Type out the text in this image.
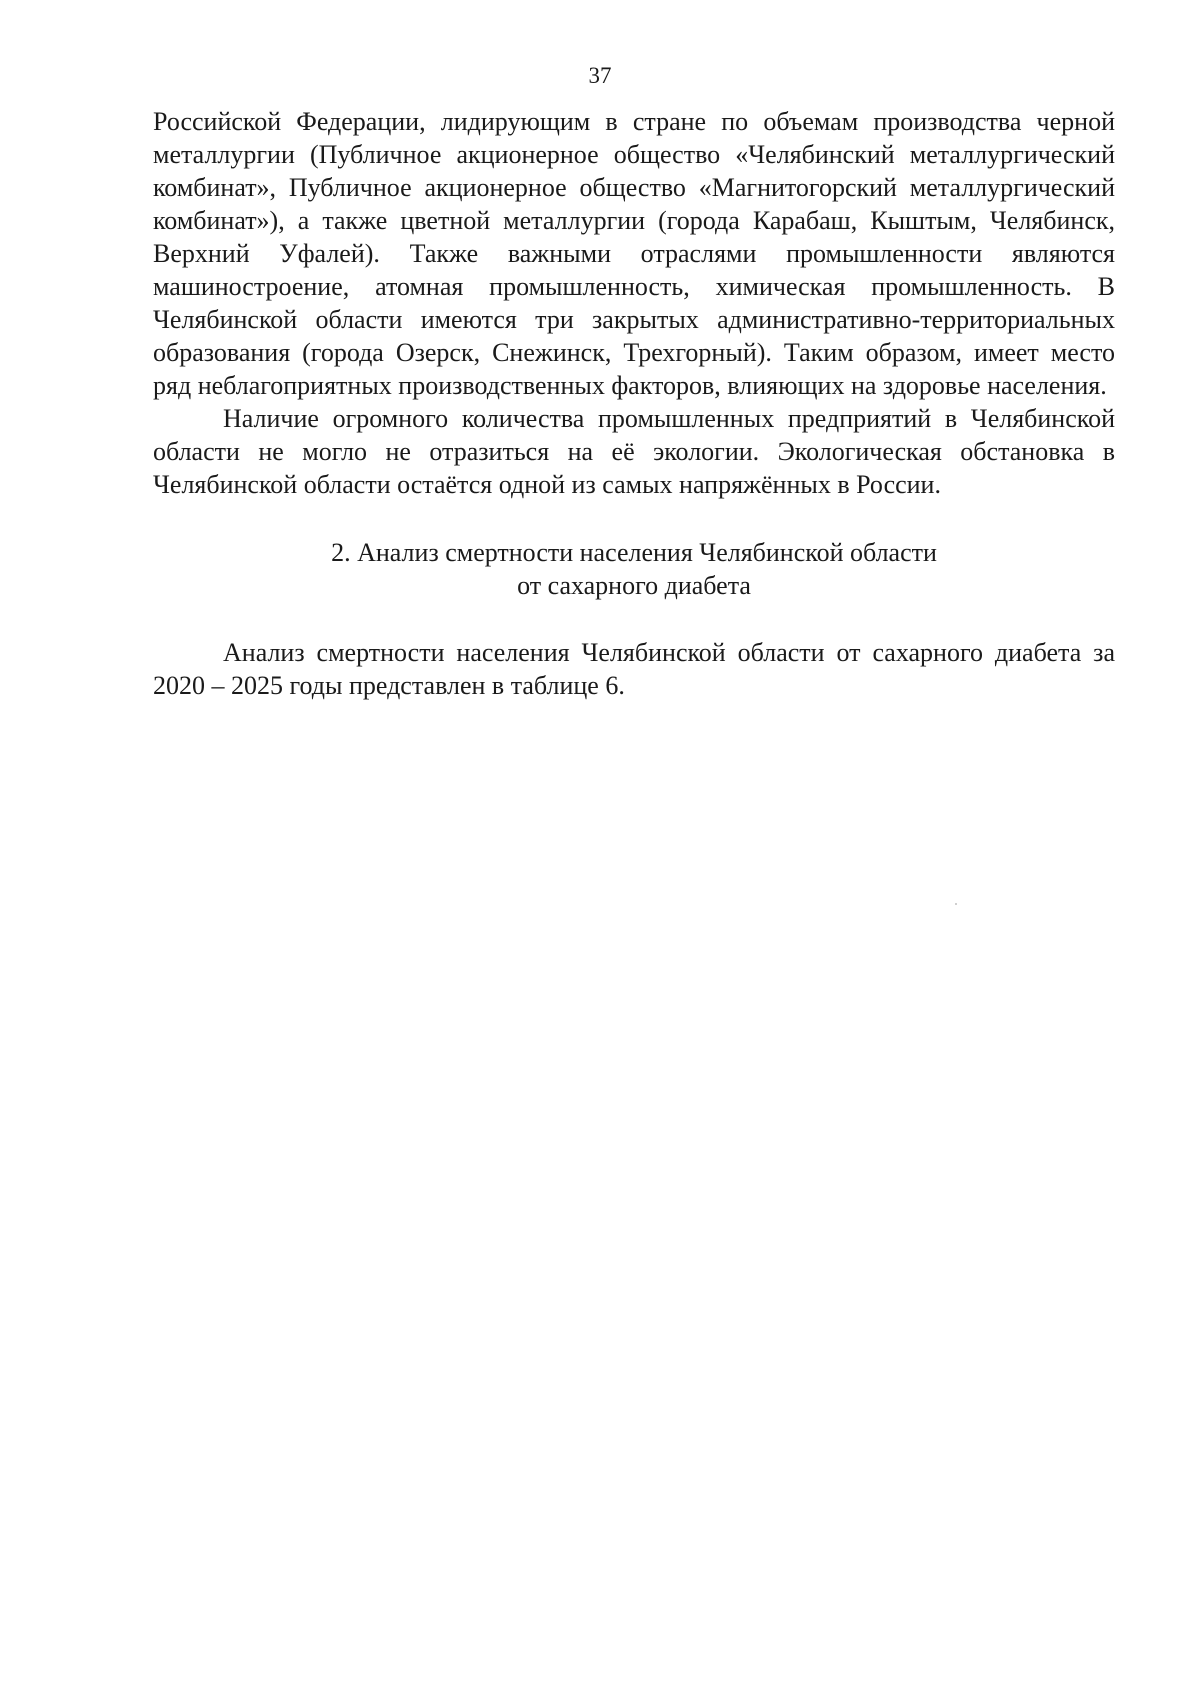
37

Российской Федерации, лидирующим в стране по объемам производства черной металлургии (Публичное акционерное общество «Челябинский металлургический комбинат», Публичное акционерное общество «Магнитогорский металлургический комбинат»), а также цветной металлургии (города Карабаш, Кыштым, Челябинск, Верхний Уфалей). Также важными отраслями промышленности являются машиностроение, атомная промышленность, химическая промышленность. В Челябинской области имеются три закрытых административно-территориальных образования (города Озерск, Снежинск, Трехгорный). Таким образом, имеет место ряд неблагоприятных производственных факторов, влияющих на здоровье населения.

Наличие огромного количества промышленных предприятий в Челябинской области не могло не отразиться на её экологии. Экологическая обстановка в Челябинской области остаётся одной из самых напряжённых в России.

2. Анализ смертности населения Челябинской области
от сахарного диабета

Анализ смертности населения Челябинской области от сахарного диабета за 2020 – 2025 годы представлен в таблице 6.
